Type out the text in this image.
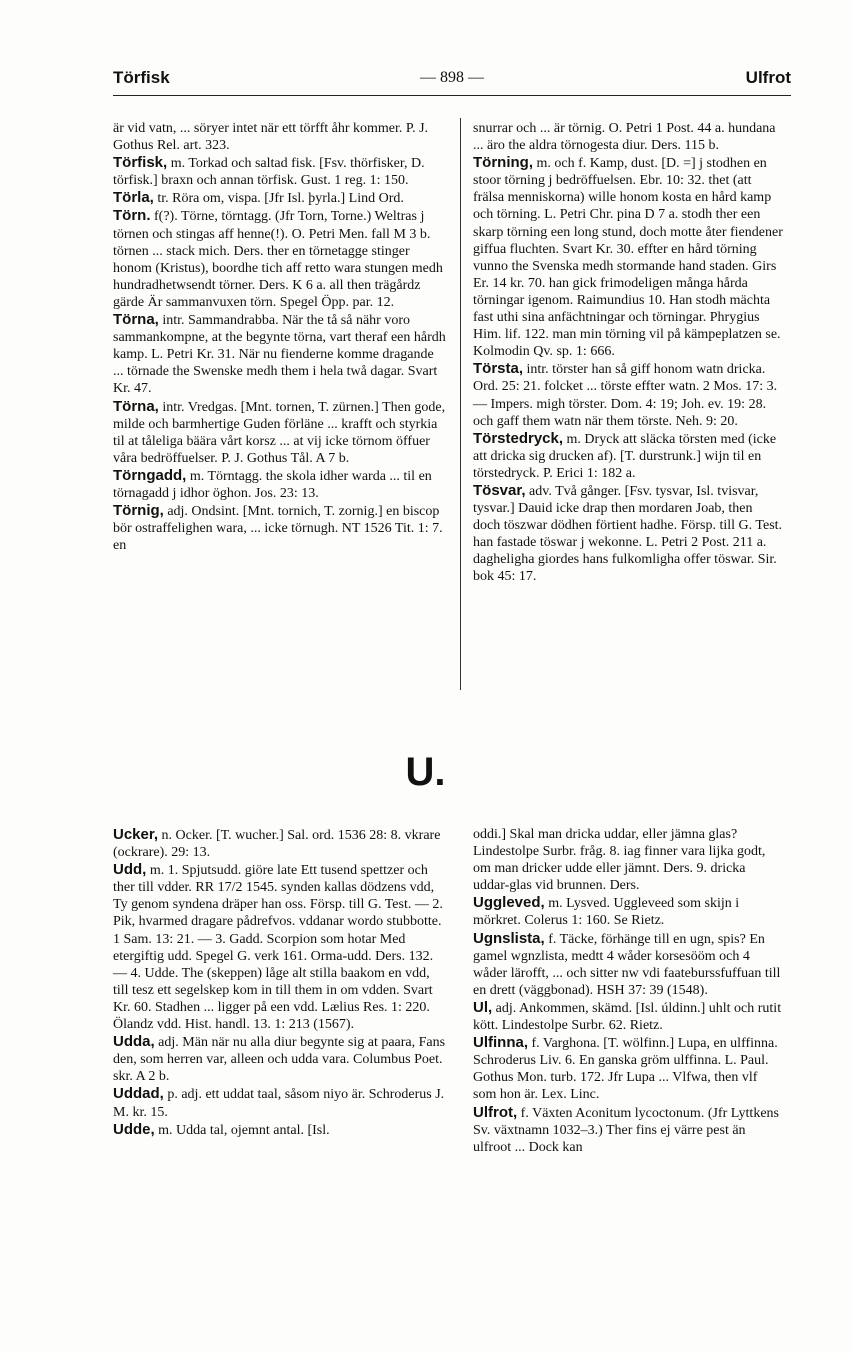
Törfisk	— 898 —	Ulfrot

är vid vatn, ... söryer intet när ett törfft åhr kommer. P. J. Gothus Rel. art. 323.

Törfisk, m. Torkad och saltad fisk. [Fsv. thörfisker, D. törfisk.] braxn och annan törfisk. Gust. 1 reg. 1: 150.

Törla, tr. Röra om, vispa. [Jfr Isl. þyrla.] Lind Ord.

Törn. f(?). Törne, törntagg. (Jfr Torn, Torne.) Weltras j törnen och stingas aff henne(!). O. Petri Men. fall M 3 b. törnen ... stack mich. Ders. ther en törnetagge stinger honom (Kristus), boordhe tich aff retto wara stungen medh hundradhetwsendt törner. Ders. K 6 a. all then trägårdz gärde Är sammanvuxen törn. Spegel Öpp. par. 12.

Törna, intr. Sammandrabba. När the tå så nähr voro sammankompne, at the begynte törna, vart theraf een hårdh kamp. L. Petri Kr. 31. När nu fienderne komme dragande ... törnade the Swenske medh them i hela twå dagar. Svart Kr. 47.

Törna, intr. Vredgas. [Mnt. tornen, T. zürnen.] Then gode, milde och barmhertige Guden förläne ... krafft och styrkia til at tåleliga bäära vårt korsz ... at vij icke törnom öffuer våra bedröffuelser. P. J. Gothus Tål. A 7 b.

Törngadd, m. Törntagg. the skola idher warda ... til en törnagadd j idhor öghon. Jos. 23: 13.

Törnig, adj. Ondsint. [Mnt. tornich, T. zornig.] en biscop bör ostraffelighen wara, ... icke törnugh. NT 1526 Tit. 1: 7. en

snurrar och ... är törnig. O. Petri 1 Post. 44 a. hundana ... äro the aldra törnogesta diur. Ders. 115 b.

Törning, m. och f. Kamp, dust. [D. =] j stodhen en stoor törning j bedröffuelsen. Ebr. 10: 32. thet (att frälsa menniskorna) wille honom kosta en hård kamp och törning. L. Petri Chr. pina D 7 a. stodh ther een skarp törning een long stund, doch motte åter fiendener giffua fluchten. Svart Kr. 30. effter en hård törning vunno the Svenska medh stormande hand staden. Girs Er. 14 kr. 70. han gick frimodeligen många hårda törningar igenom. Raimundius 10. Han stodh mächta fast uthi sina anfächtningar och törningar. Phrygius Him. lif. 122. man min törning vil på kämpeplatzen se. Kolmodin Qv. sp. 1: 666.

Törsta, intr. törster han så giff honom watn dricka. Ord. 25: 21. folcket ... törste effter watn. 2 Mos. 17: 3. — Impers. migh törster. Dom. 4: 19; Joh. ev. 19: 28. och gaff them watn när them törste. Neh. 9: 20.

Törstedryck, m. Dryck att släcka törsten med (icke att dricka sig drucken af). [T. durstrunk.] wijn til en törstedryck. P. Erici 1: 182 a.

Tösvar, adv. Två gånger. [Fsv. tysvar, Isl. tvisvar, tysvar.] Dauid icke drap then mordaren Joab, then doch töszwar dödhen förtient hadhe. Försp. till G. Test. han fastade töswar j wekonne. L. Petri 2 Post. 211 a. dagheligha giordes hans fulkomligha offer töswar. Sir. bok 45: 17.

U.

Ucker, n. Ocker. [T. wucher.] Sal. ord. 1536 28: 8. vkrare (ockrare). 29: 13.

Udd, m. 1. Spjutsudd. giöre late Ett tusend spettzer och ther till vdder. RR 17/2 1545. synden kallas dödzens vdd, Ty genom syndena dräper han oss. Försp. till G. Test. — 2. Pik, hvarmed dragare pådrefvos. vddanar wordo stubbotte. 1 Sam. 13: 21. — 3. Gadd. Scorpion som hotar Med etergiftig udd. Spegel G. verk 161. Orma-udd. Ders. 132. — 4. Udde. The (skeppen) låge alt stilla baakom en vdd, till tesz ett segelskep kom in till them in om vdden. Svart Kr. 60. Stadhen ... ligger på een vdd. Lælius Res. 1: 220. Ölandz vdd. Hist. handl. 13. 1: 213 (1567).

Udda, adj. Män när nu alla diur begynte sig at paara, Fans den, som herren var, alleen och udda vara. Columbus Poet. skr. A 2 b.

Uddad, p. adj. ett uddat taal, såsom niyo är. Schroderus J. M. kr. 15.

Udde, m. Udda tal, ojemnt antal. [Isl.

oddi.] Skal man dricka uddar, eller jämna glas? Lindestolpe Surbr. fråg. 8. iag finner vara lijka godt, om man dricker udde eller jämnt. Ders. 9. dricka uddar-glas vid brunnen. Ders.

Uggleved, m. Lysved. Uggleveed som skijn i mörkret. Colerus 1: 160. Se Rietz.

Ugnslista, f. Täcke, förhänge till en ugn, spis? En gamel wgnzlista, medtt 4 wåder korsesööm och 4 wåder lärofft, ... och sitter nw vdi faateburssfuffuan till en drett (väggbonad). HSH 37: 39 (1548).

Ul, adj. Ankommen, skämd. [Isl. úldinn.] uhlt och rutit kött. Lindestolpe Surbr. 62. Rietz.

Ulfinna, f. Varghona. [T. wölfinn.] Lupa, en ulffinna. Schroderus Liv. 6. En ganska gröm ulffinna. L. Paul. Gothus Mon. turb. 172. Jfr Lupa ... Vlfwa, then vlf som hon är. Lex. Linc.

Ulfrot, f. Växten Aconitum lycoctonum. (Jfr Lyttkens Sv. växtnamn 1032–3.) Ther fins ej värre pest än ulfroot ... Dock kan
